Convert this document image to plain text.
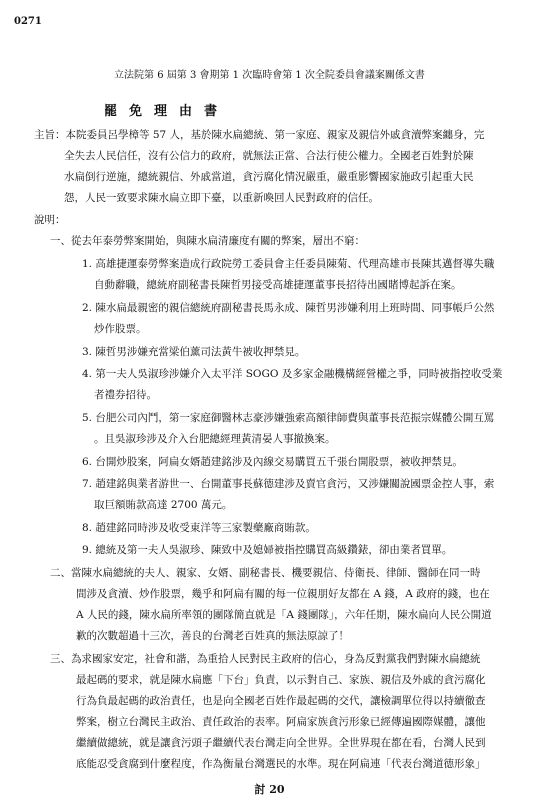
0271
立法院第 6 屆第 3 會期第 1 次臨時會第 1 次全院委員會議案關係文書
罷免理由書
主旨：本院委員呂學樟等 57 人，基於陳水扁總統、第一家庭、親家及親信外戚貪瀆弊案纏身，完
全失去人民信任，沒有公信力的政府，就無法正當、合法行使公權力。全國老百姓對於陳
水扁倒行逆施，總統親信、外戚當道，貪污腐化情況嚴重，嚴重影響國家施政引起重大民
怨，人民一致要求陳水扁立即下臺，以重新喚回人民對政府的信任。
說明：
一、從去年泰勞弊案開始，與陳水扁清廉度有關的弊案，層出不窮：
1. 高雄捷運泰勞弊案造成行政院勞工委員會主任委員陳菊、代理高雄市長陳其邁督導失職
自動辭職，總統府副秘書長陳哲男接受高雄捷運董事長招待出國賭博起訴在案。
2. 陳水扁最親密的親信總統府副秘書長馬永成、陳哲男涉嫌利用上班時間、同事帳戶公然
炒作股票。
3. 陳哲男涉嫌充當梁伯薰司法黃牛被收押禁見。
4. 第一夫人吳淑珍涉嫌介入太平洋 SOGO 及多家金融機構經營權之爭，同時被指控收受業
者禮券招待。
5. 台肥公司內鬥，第一家庭御醫林志豪涉嫌強索高額律師費與董事長范振宗媒體公開互罵
。且吳淑珍涉及介入台肥總經理黃清晏人事撤換案。
6. 台開炒股案，阿扁女婿趙建銘涉及內線交易購買五千張台開股票，被收押禁見。
7. 趙建銘與業者游世一、台開董事長蘇德建涉及賣官貪污，又涉嫌關說國票金控人事，索
取巨額賄款高達 2700 萬元。
8. 趙建銘同時涉及收受東洋等三家製藥廠商賄款。
9. 總統及第一夫人吳淑珍、陳致中及媳婦被指控購買高級鑽錶，卻由業者買單。
二、當陳水扁總統的夫人、親家、女婿、副秘書長、機要親信、侍衛長、律師、醫師在同一時
間涉及貪瀆、炒作股票，幾乎和阿扁有關的每一位親朋好友都在 A 錢，A 政府的錢，也在
A 人民的錢，陳水扁所率領的團隊簡直就是「A 錢團隊」，六年任期，陳水扁向人民公開道
歉的次數超過十三次，善良的台灣老百姓真的無法原諒了！
三、為求國家安定，社會和諧，為重拾人民對民主政府的信心，身為反對黨我們對陳水扁總統
最起碼的要求，就是陳水扁應「下台」負責，以示對自己、家族、親信及外戚的貪污腐化
行為負最起碼的政治責任，也是向全國老百姓作最起碼的交代，讓檢調單位得以持續徹查
弊案，樹立台灣民主政治、責任政治的表率。阿扁家族貪污形象已經傳遍國際媒體，讓他
繼續做總統，就是讓貪污頭子繼續代表台灣走向全世界。全世界現在都在看，台灣人民到
底能忍受貪腐到什麼程度，作為衡量台灣選民的水準。現在阿扁連「代表台灣道德形象」
討 20
